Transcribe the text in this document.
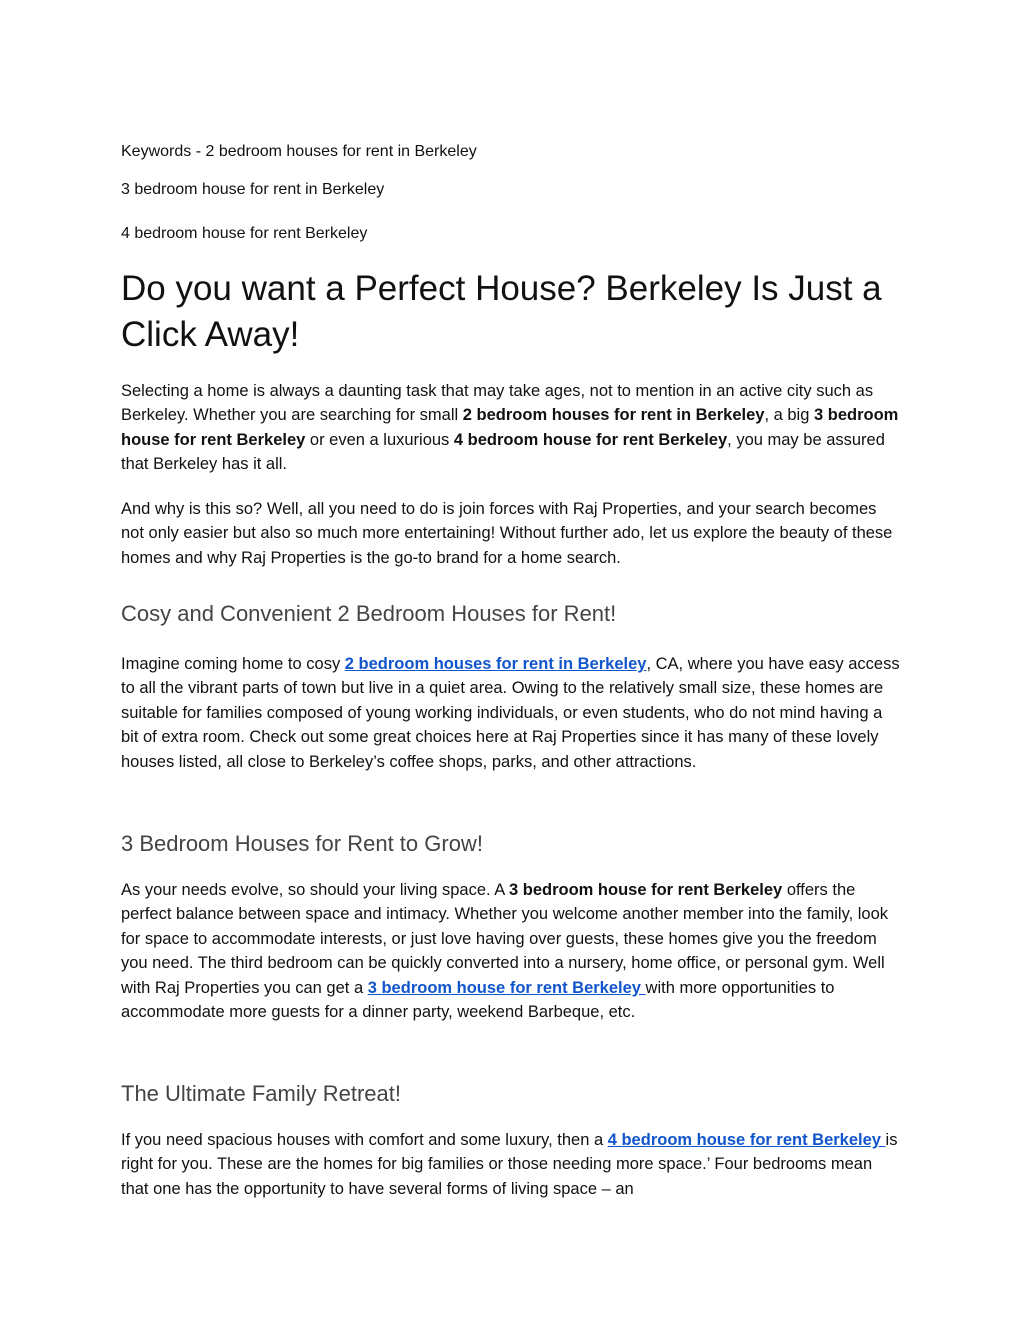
Keywords - 2 bedroom houses for rent in Berkeley
3 bedroom house for rent in Berkeley
4 bedroom house for rent Berkeley
Do you want a Perfect House? Berkeley Is Just a Click Away!

Selecting a home is always a daunting task that may take ages, not to mention in an active city such as Berkeley. Whether you are searching for small 2 bedroom houses for rent in Berkeley, a big 3 bedroom house for rent Berkeley or even a luxurious 4 bedroom house for rent Berkeley, you may be assured that Berkeley has it all.

And why is this so? Well, all you need to do is join forces with Raj Properties, and your search becomes not only easier but also so much more entertaining! Without further ado, let us explore the beauty of these homes and why Raj Properties is the go-to brand for a home search.

Cosy and Convenient 2 Bedroom Houses for Rent!

Imagine coming home to cosy 2 bedroom houses for rent in Berkeley, CA, where you have easy access to all the vibrant parts of town but live in a quiet area. Owing to the relatively small size, these homes are suitable for families composed of young working individuals, or even students, who do not mind having a bit of extra room. Check out some great choices here at Raj Properties since it has many of these lovely houses listed, all close to Berkeley’s coffee shops, parks, and other attractions.

3 Bedroom Houses for Rent to Grow!

As your needs evolve, so should your living space. A 3 bedroom house for rent Berkeley offers the perfect balance between space and intimacy. Whether you welcome another member into the family, look for space to accommodate interests, or just love having over guests, these homes give you the freedom you need. The third bedroom can be quickly converted into a nursery, home office, or personal gym. Well with Raj Properties you can get a 3 bedroom house for rent Berkeley with more opportunities to accommodate more guests for a dinner party, weekend Barbeque, etc.

The Ultimate Family Retreat!

If you need spacious houses with comfort and some luxury, then a 4 bedroom house for rent Berkeley is right for you. These are the homes for big families or those needing more space.’ Four bedrooms mean that one has the opportunity to have several forms of living space – an
